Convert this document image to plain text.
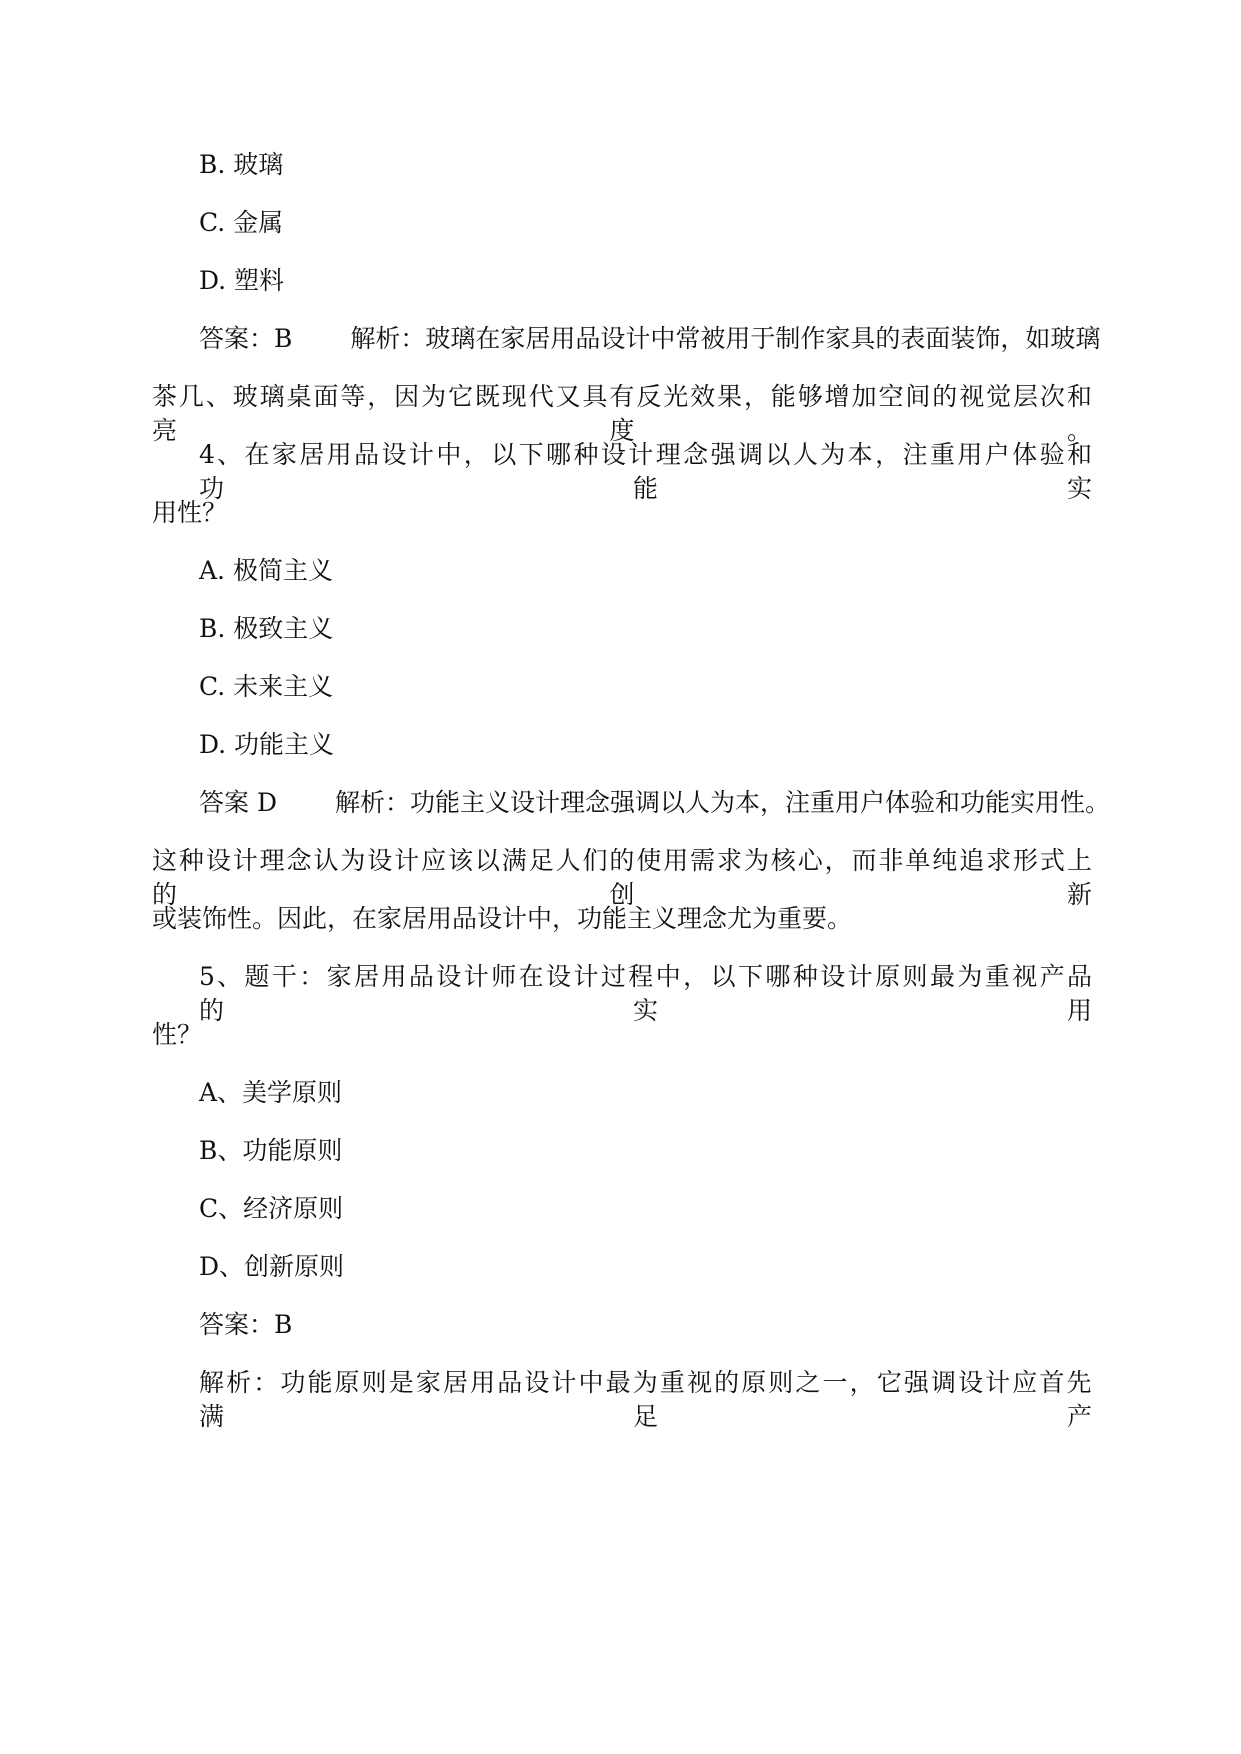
B. 玻璃
C. 金属
D. 塑料
答案：B 解析：玻璃在家居用品设计中常被用于制作家具的表面装饰，如玻璃
茶 几 、 玻 璃 桌 面 等 ， 因 为 它 既 现 代 又 具 有 反 光 效 果 ， 能 够 增 加 空 间 的 视 觉 层 次 和 亮	度	。
4 、 在 家 居 用 品 设 计 中 ， 以 下 哪 种 设 计 理 念 强 调 以 人 为 本 ， 注 重 用 户 体 验 和 功	能	实
用性？
A. 极简主义
B. 极致主义
C. 未来主义
D. 功能主义
答案 D 解析：功能主义设计理念强调以人为本，注重用户体验和功能实用性。
这 种 设 计 理 念 认 为 设 计 应 该 以 满 足 人 们 的 使 用 需 求 为 核 心 ， 而 非 单 纯 追 求 形 式 上 的	创	新
或装饰性。因此，在家居用品设计中，功能主义理念尤为重要。
5 、 题 干 ： 家 居 用 品 设 计 师 在 设 计 过 程 中 ， 以 下 哪 种 设 计 原 则 最 为 重 视 产 品 的	实	用
性？
A、美学原则
B、功能原则
C、经济原则
D、创新原则
答案：B
解 析 ： 功 能 原 则 是 家 居 用 品 设 计 中 最 为 重 视 的 原 则 之 一 ， 它 强 调 设 计 应 首 先 满	足	产
